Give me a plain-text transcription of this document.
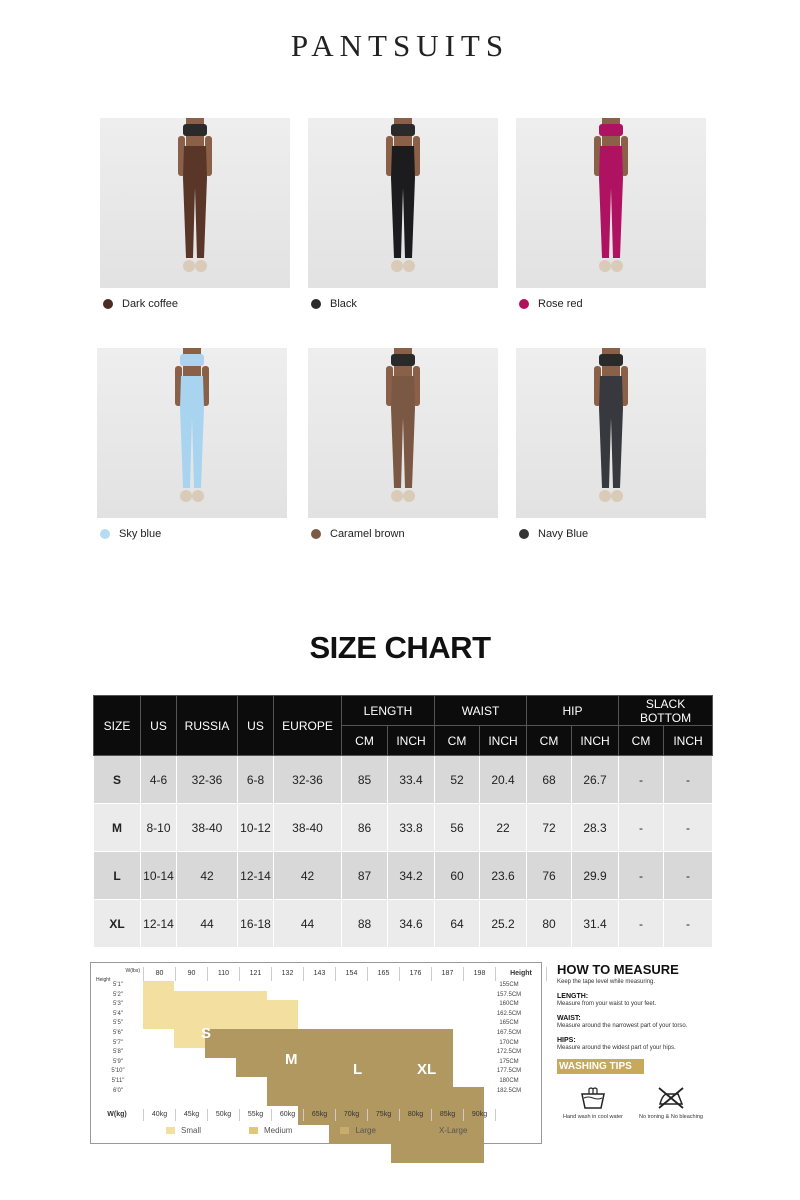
PANTSUITS
Dark coffee	Black	Rose red
Sky blue	Caramel brown	Navy Blue
SIZE CHART
SIZE	US	RUSSIA	US	EUROPE	LENGTH		WAIST		HIP		SLACK BOTTOM	
					CM	INCH	CM	INCH	CM	INCH	CM	INCH
S	4-6	32-36	6-8	32-36	85	33.4	52	20.4	68	26.7	-	-
M	8-10	38-40	10-12	38-40	86	33.8	56	22	72	28.3	-	-
L	10-14	42	12-14	42	87	34.2	60	23.6	76	29.9	-	-
XL	12-14	44	16-18	44	88	34.6	64	25.2	80	31.4	-	-
W(lbs)
Height
80	90	110	121	132	143	154	165	176	187	198	Height
5'1"	155CM
5'2"	157.5CM
5'3"	160CM
5'4"	162.5CM
5'5"	165CM
5'6"	167.5CM
5'7"	170CM
5'8"	172.5CM
5'9"	175CM
5'10"	177.5CM
5'11"	180CM
6'0"	182.5CM
S
M
L	XL
W(kg)	40kg	45kg	50kg	55kg	60kg	65kg	70kg	75kg	80kg	85kg	90kg
Small	Medium	Large	X-Large
HOW TO MEASURE
Keep the tape level while measuring.
LENGTH:
Measure from your waist to your feet.
WAIST:
Measure around the narrowest part of your torso.
HIPS:
Measure around the widest part of your hips.
WASHING TIPS
Hand wash in cool water	No ironing & No bleaching
